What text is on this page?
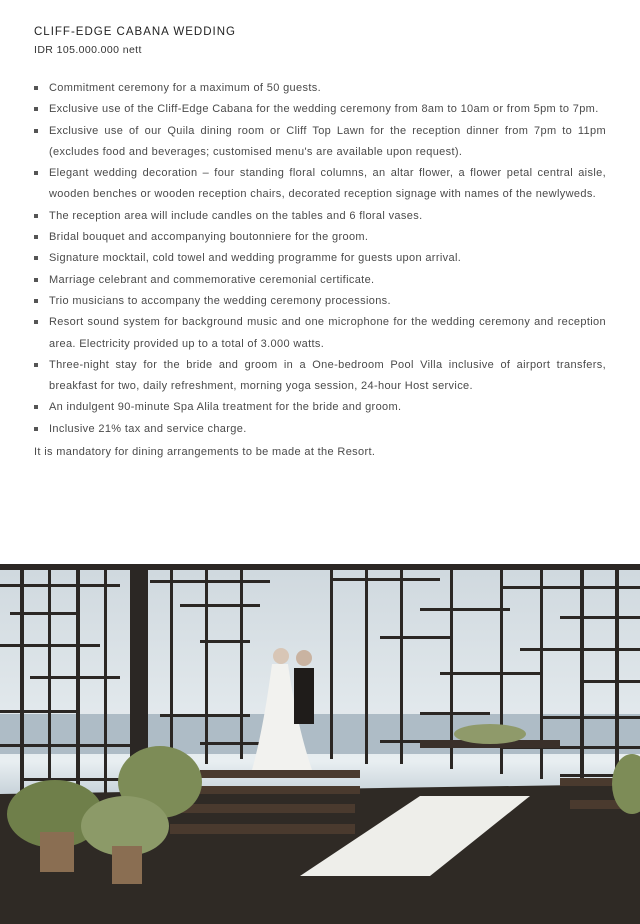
CLIFF-EDGE CABANA WEDDING
IDR 105.000.000 nett
Commitment ceremony for a maximum of 50 guests.
Exclusive use of the Cliff-Edge Cabana for the wedding ceremony from 8am to 10am or from 5pm to 7pm.
Exclusive use of our Quila dining room or Cliff Top Lawn for the reception dinner from 7pm to 11pm (excludes food and beverages; customised menu's are available upon request).
Elegant wedding decoration – four standing floral columns, an altar flower, a flower petal central aisle, wooden benches or wooden reception chairs, decorated reception signage with names of the newlyweds.
The reception area will include candles on the tables and 6 floral vases.
Bridal bouquet and accompanying boutonniere for the groom.
Signature mocktail, cold towel and wedding programme for guests upon arrival.
Marriage celebrant and commemorative ceremonial certificate.
Trio musicians to accompany the wedding ceremony processions.
Resort sound system for background music and one microphone for the wedding ceremony and reception area. Electricity provided up to a total of 3.000 watts.
Three-night stay for the bride and groom in a One-bedroom Pool Villa inclusive of airport transfers, breakfast for two, daily refreshment, morning yoga session, 24-hour Host service.
An indulgent 90-minute Spa Alila treatment for the bride and groom.
Inclusive 21% tax and service charge.
It is mandatory for dining arrangements to be made at the Resort.
